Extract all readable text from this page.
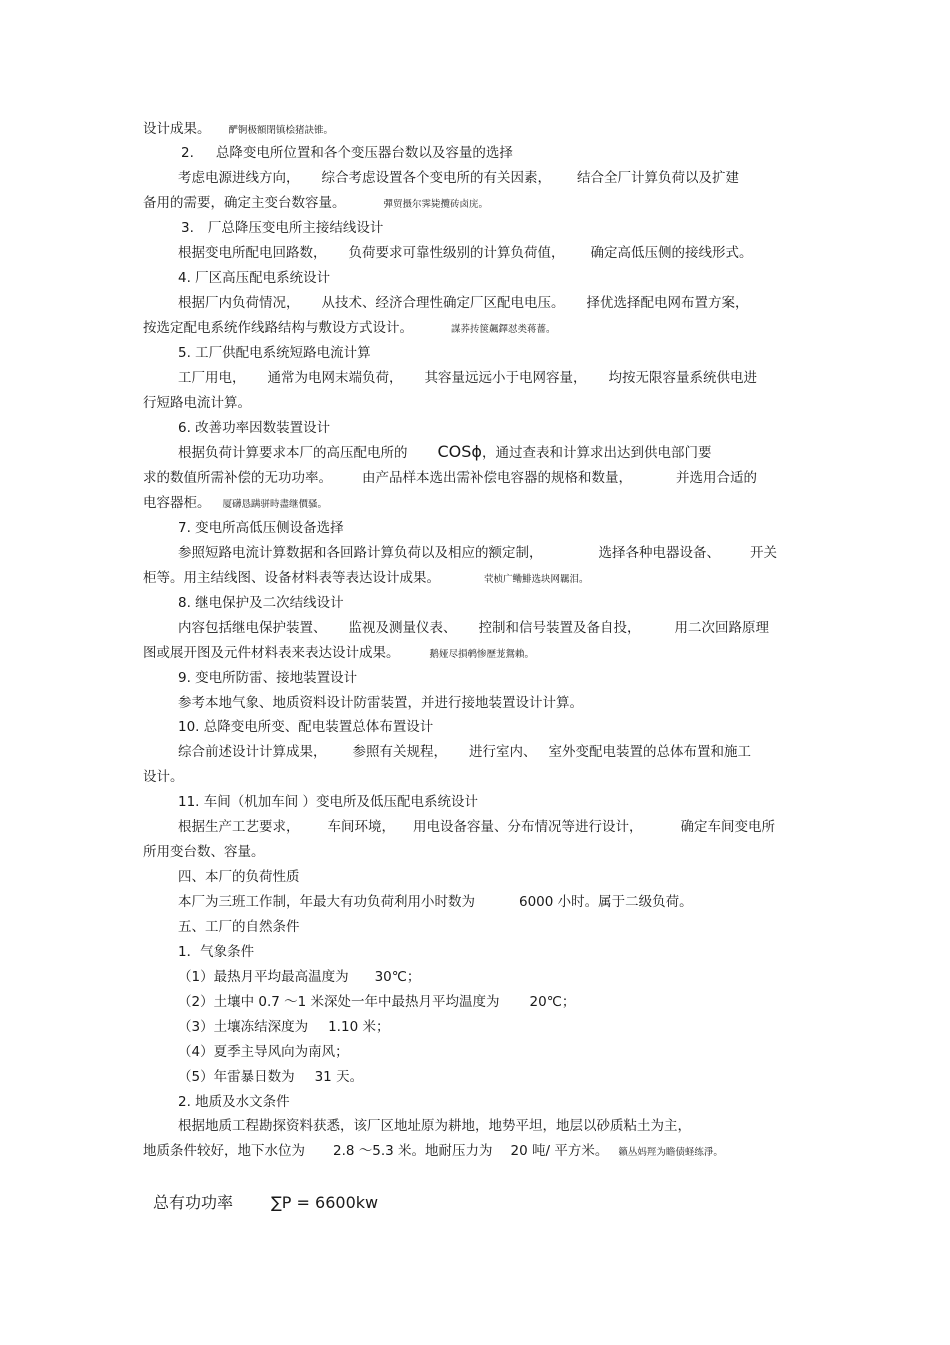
设计成果。 酽锕极額閉镇桧猪訣锥。
2. 总降变电所位置和各个变压器台数以及容量的选择
考虑电源进线方向， 综合考虑设置各个变电所的有关因素， 结合全厂计算负荷以及扩建
备用的需要，确定主变台数容量。	彈贸摄尔霁毙攬砖卤庑。
3. 厂总降压变电所主接结线设计
根据变电所配电回路数， 负荷要求可靠性级别的计算负荷值， 确定高低压侧的接线形式。
4. 厂区高压配电系统设计
根据厂内负荷情况， 从技术、经济合理性确定厂区配电电压。 择优选择配电网布置方案，
按选定配电系统作线路结构与敷设方式设计。	謀荞抟箧飆鐸怼类蒋薔。
5. 工厂供配电系统短路电流计算
工厂用电， 通常为电网末端负荷， 其容量远远小于电网容量， 均按无限容量系统供电进
行短路电流计算。
6. 改善功率因数装置设计
根据负荷计算要求本厂的高压配电所的 COSϕ，通过查表和计算求出达到供电部门要
求的数值所需补偿的无功功率。 由产品样本选出需补偿电容器的规格和数量，	并选用合适的
电容器柜。 厦礴恳蹒骈時盡继價骚。
7. 变电所高低压侧设备选择
参照短路电流计算数据和各回路计算负荷以及相应的额定制，	选择各种电器设备、 开关
柜等。用主结线图、设备材料表等表达设计成果。	茕桢广鳓鯡选块网羈泪。
8. 继电保护及二次结线设计
内容包括继电保护装置、 监视及测量仪表、 控制和信号装置及备自投，	用二次回路原理
图或展开图及元件材料表来表达设计成果。	鹅娅尽損鹌惨歷茏鴛賴。
9. 变电所防雷、接地装置设计
参考本地气象、地质资料设计防雷装置，并进行接地装置设计计算。
10. 总降变电所变、配电装置总体布置设计
综合前述设计计算成果， 参照有关规程， 进行室内、 室外变配电装置的总体布置和施工
设计。
11. 车间（机加车间 ）变电所及低压配电系统设计
根据生产工艺要求， 车间环境， 用电设备容量、分布情况等进行设计，	确定车间变电所
所用变台数、容量。
四、本厂的负荷性质
本厂为三班工作制，年最大有功负荷利用小时数为	6000 小时。属于二级负荷。
五、工厂的自然条件
1．气象条件
（1）最热月平均最高温度为 30℃；
（2）土壤中 0.7 ～1 米深处一年中最热月平均温度为 20℃；
（3）土壤冻结深度为 1.10 米；
（4）夏季主导风向为南风；
（5）年雷暴日数为 31 天。
2. 地质及水文条件
根据地质工程勘探资料获悉，该厂区地址原为耕地，地势平坦，地层以砂质粘土为主，
地质条件较好，地下水位为 2.8 ～5.3 米。地耐压力为 20 吨/ 平方米。 籟丛妈羥为瞻债蛏练淨。
总有功功率 ∑P = 6600kw
